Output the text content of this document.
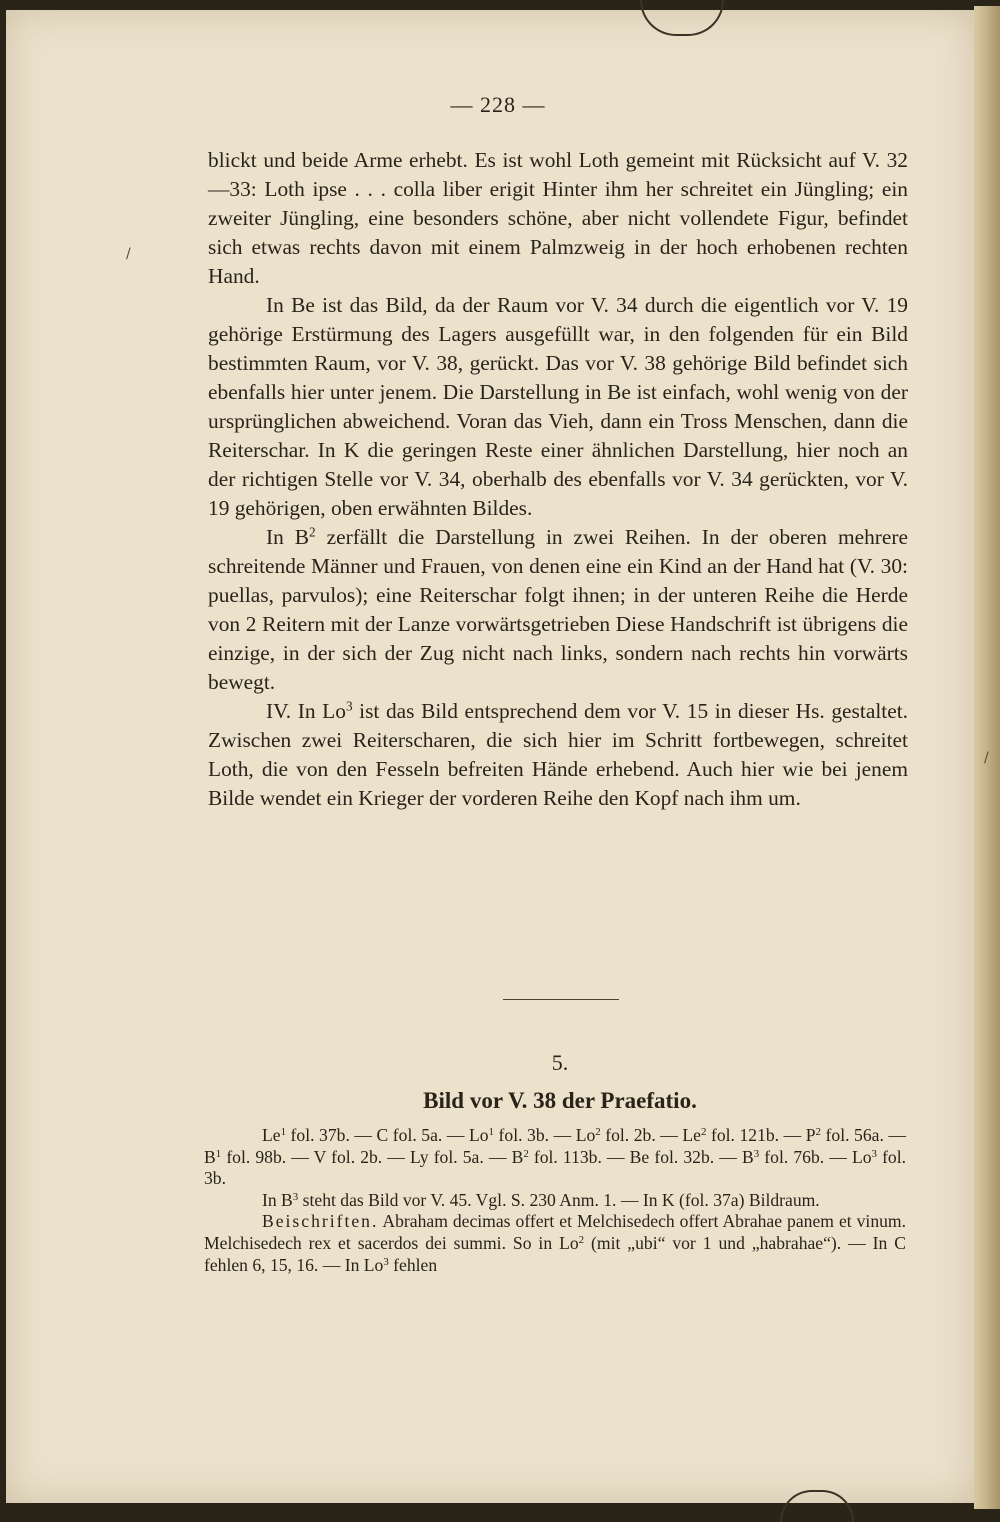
/
/
— 228 —

blickt und beide Arme erhebt. Es ist wohl Loth gemeint mit Rücksicht auf V. 32—33: Loth ipse . . . colla liber erigit Hinter ihm her schreitet ein Jüngling; ein zweiter Jüngling, eine besonders schöne, aber nicht vollendete Figur, befindet sich etwas rechts davon mit einem Palmzweig in der hoch erhobenen rechten Hand.

In Be ist das Bild, da der Raum vor V. 34 durch die eigentlich vor V. 19 gehörige Erstürmung des Lagers ausgefüllt war, in den folgenden für ein Bild bestimmten Raum, vor V. 38, gerückt. Das vor V. 38 gehörige Bild befindet sich ebenfalls hier unter jenem. Die Darstellung in Be ist einfach, wohl wenig von der ursprünglichen abweichend. Voran das Vieh, dann ein Tross Menschen, dann die Reiterschar. In K die geringen Reste einer ähnlichen Darstellung, hier noch an der richtigen Stelle vor V. 34, oberhalb des ebenfalls vor V. 34 gerückten, vor V. 19 gehörigen, oben erwähnten Bildes.

In $B^2$ zerfällt die Darstellung in zwei Reihen. In der oberen mehrere schreitende Männer und Frauen, von denen eine ein Kind an der Hand hat (V. 30: puellas, parvulos); eine Reiterschar folgt ihnen; in der unteren Reihe die Herde von 2 Reitern mit der Lanze vorwärtsgetrieben Diese Handschrift ist übrigens die einzige, in der sich der Zug nicht nach links, sondern nach rechts hin vorwärts bewegt.

IV. In Lo$^3$ ist das Bild entsprechend dem vor V. 15 in dieser Hs. gestaltet. Zwischen zwei Reiterscharen, die sich hier im Schritt fortbewegen, schreitet Loth, die von den Fesseln befreiten Hände erhebend. Auch hier wie bei jenem Bilde wendet ein Krieger der vorderen Reihe den Kopf nach ihm um.

5.
Bild vor V. 38 der Praefatio.

Le$^1$ fol. 37b. — C fol. 5a. — Lo$^1$ fol. 3b. — Lo$^2$ fol. 2b. — Le$^2$ fol. 121b. — $P^2$ fol. 56a. — $B^1$ fol. 98b. — V fol. 2b. — Ly fol. 5a. — $B^2$ fol. 113b. — Be fol. 32b. — $B^3$ fol. 76b. — Lo$^3$ fol. 3b.

In $B^3$ steht das Bild vor V. 45. Vgl. S. 230 Anm. 1. — In K (fol. 37a) Bildraum.

Beischriften. Abraham decimas offert et Melchisedech offert Abrahae panem et vinum. Melchisedech rex et sacerdos dei summi. So in Lo$^2$ (mit „ubi“ vor 1 und „habrahae“). — In C fehlen 6, 15, 16. — In Lo$^3$ fehlen
